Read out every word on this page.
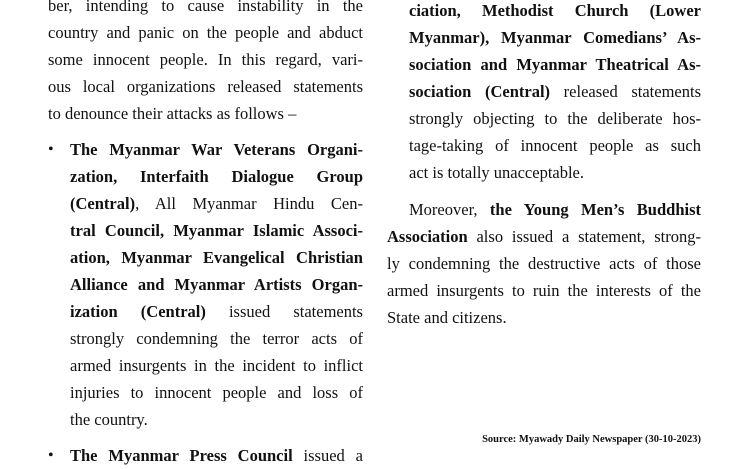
ber, intending to cause instability in the
country and panic on the people and abduct
some innocent people. In this regard, vari-
ous local organizations released statements
to denounce their attacks as follows –
• The Myanmar War Veterans Organi-
zation, Interfaith Dialogue Group
(Central), All Myanmar Hindu Cen-
tral Council, Myanmar Islamic Associ-
ation, Myanmar Evangelical Christian
Alliance and Myanmar Artists Organ-
ization (Central) issued statements
strongly condemning the terror acts of
armed insurgents in the incident to inflict
injuries to innocent people and loss of
the country.
• The Myanmar Press Council issued a
ciation, Methodist Church (Lower
Myanmar), Myanmar Comedians’ As-
sociation and Myanmar Theatrical As-
sociation (Central) released statements
strongly objecting to the deliberate hos-
tage-taking of innocent people as such
act is totally unacceptable.
Moreover, the Young Men’s Buddhist
Association also issued a statement, strong-
ly condemning the destructive acts of those
armed insurgents to ruin the interests of the
State and citizens.
Source: Myawady Daily Newspaper (30-10-2023)
